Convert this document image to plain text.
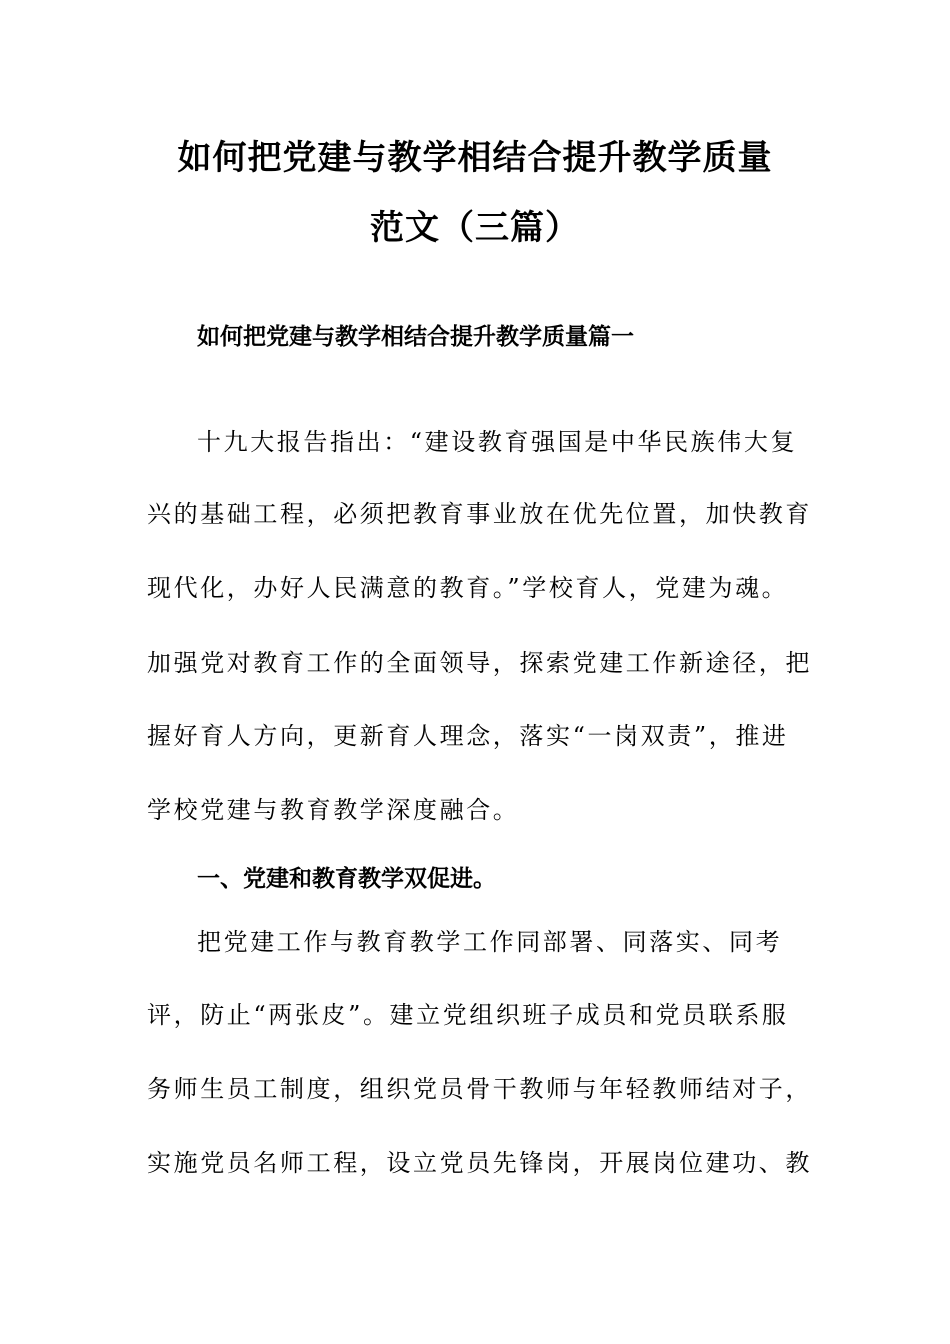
如何把党建与教学相结合提升教学质量
范文（三篇）
如何把党建与教学相结合提升教学质量篇一
十九大报告指出：“建设教育强国是中华民族伟大复
兴的基础工程，必须把教育事业放在优先位置，加快教育
现代化，办好人民满意的教育。”学校育人，党建为魂。
加强党对教育工作的全面领导，探索党建工作新途径，把
握好育人方向，更新育人理念，落实“一岗双责”，推进
学校党建与教育教学深度融合。
一、党建和教育教学双促进。
把党建工作与教育教学工作同部署、同落实、同考
评，防止“两张皮”。建立党组织班子成员和党员联系服
务师生员工制度，组织党员骨干教师与年轻教师结对子，
实施党员名师工程，设立党员先锋岗，开展岗位建功、教
